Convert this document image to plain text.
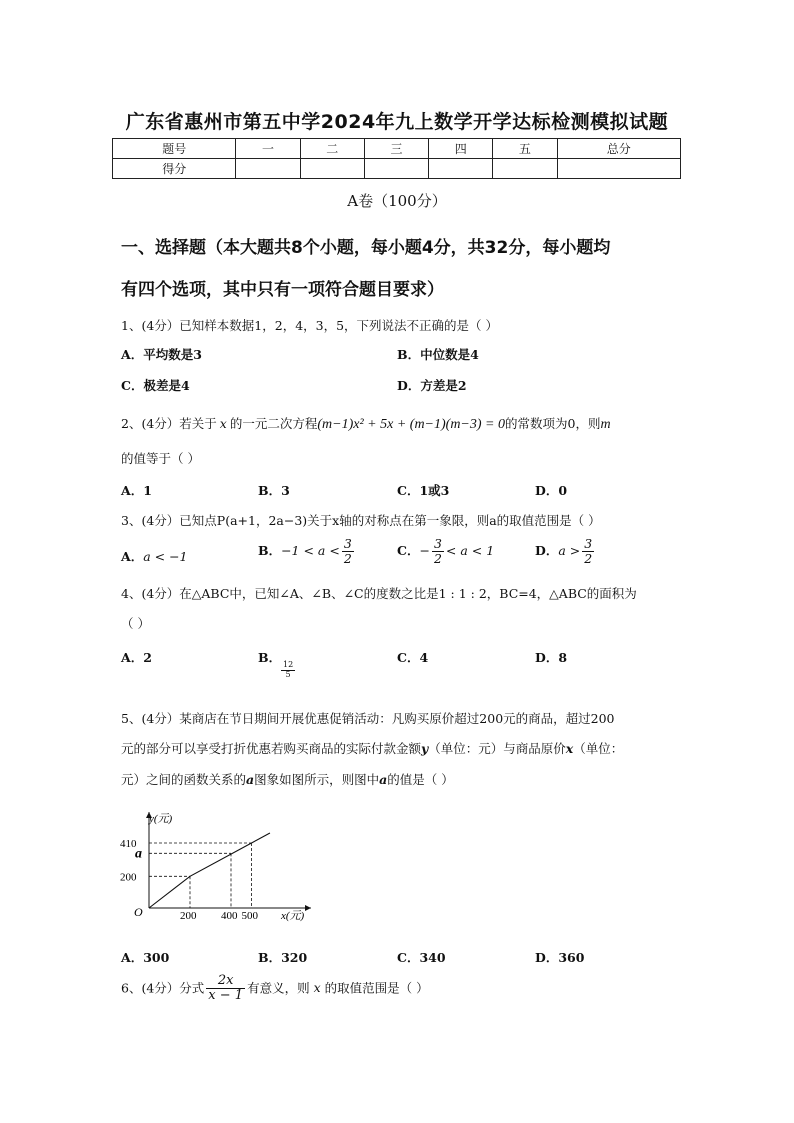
广东省惠州市第五中学2024年九上数学开学达标检测模拟试题
题号	一	二	三	四	五	总分
得分						
A卷（100分）
一、选择题（本大题共8个小题，每小题4分，共32分，每小题均
有四个选项，其中只有一项符合题目要求）
1、(4分）已知样本数据1，2，4，3，5，下列说法不正确的是（ ）
A．平均数是3	B．中位数是4
C．极差是4	D．方差是2
2、(4分）若关于 x 的一元二次方程(m−1)x² + 5x + (m−1)(m−3) = 0的常数项为0，则m
的值等于（ ）
A．1	B．3	C．1或3	D．0
3、(4分）已知点P(a+1，2a−3)关于x轴的对称点在第一象限，则a的取值范围是（ ）
A．a < −1	B．$-1 < a < \frac{3}{2}$	C．− $\frac{3}{2} < a < 1$	D．$a > \frac{3}{2}$
4、(4分）在△ABC中，已知∠A、∠B、∠C的度数之比是1 : 1 : 2，BC=4，△ABC的面积为
（ ）
A．2	B．
$\frac{12}{5}$
C．4	D．8
5、(4分）某商店在节日期间开展优惠促销活动：凡购买原价超过200元的商品，超过200
元的部分可以享受打折优惠若购买商品的实际付款金额y（单位：元）与商品原价x（单位：
元）之间的函数关系的a图象如图所示，则图中a的值是（ ）
y(元)
x(元)
O
200
a
410
200 400 500
A．300	B．320	C．340	D．360
6、(4分）分式 $\frac{2x}{x - 1}$ 有意义，则 x 的取值范围是（ ）
